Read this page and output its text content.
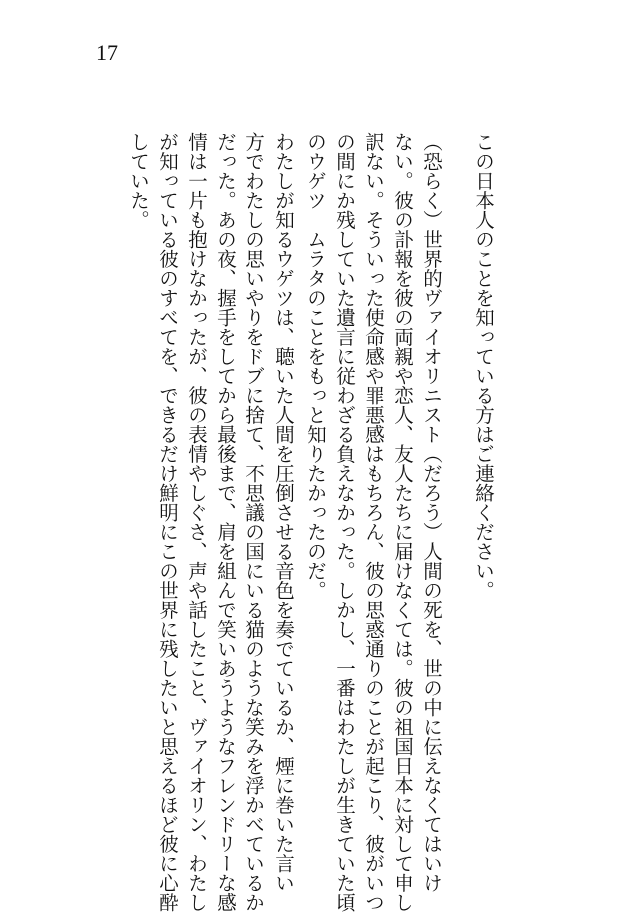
17
この日本人のことを知っている方はご連絡ください。
（恐らく）世界的ヴァイオリニスト（だろう）人間の死を、世の中に伝えなくてはいけ
ない。彼の訃報を彼の両親や恋人、友人たちに届けなくては。彼の祖国日本に対して申し
訳ない。そういった使命感や罪悪感はもちろん、彼の思惑通りのことが起こり、彼がいつ
の間にか残していた遺言に従わざる負えなかった。しかし、一番はわたしが生きていた頃
のウゲツ　ムラタのことをもっと知りたかったのだ。
わたしが知るウゲツは、聴いた人間を圧倒させる音色を奏でているか、煙に巻いた言い
方でわたしの思いやりをドブに捨て、不思議の国にいる猫のような笑みを浮かべているか
だった。あの夜、握手をしてから最後まで、肩を組んで笑いあうようなフレンドリーな感
情は一片も抱けなかったが、彼の表情やしぐさ、声や話したこと、ヴァイオリン、わたし
が知っている彼のすべてを、できるだけ鮮明にこの世界に残したいと思えるほど彼に心酔
していた。
